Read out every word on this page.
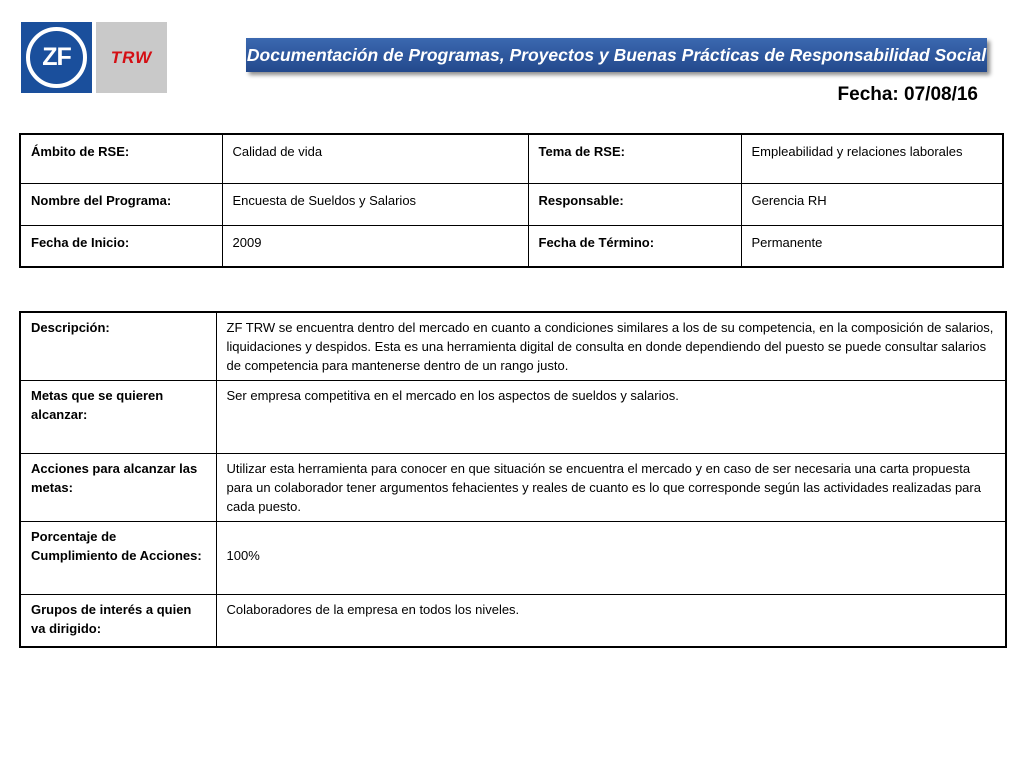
ZF	TRW	Documentación de Programas, Proyectos y Buenas Prácticas de Responsabilidad Social
Fecha: 07/08/16
Ámbito de RSE:	Calidad de vida	Tema de RSE:	Empleabilidad y relaciones laborales
Nombre del Programa:	Encuesta de Sueldos y Salarios	Responsable:	Gerencia RH
Fecha de Inicio:	2009	Fecha de Término:	Permanente
Descripción:	ZF TRW se encuentra dentro del mercado en cuanto a condiciones similares a los de su competencia, en la composición de salarios, liquidaciones y despidos. Esta es una herramienta digital de consulta en donde dependiendo del puesto se puede consultar salarios de competencia para mantenerse dentro de un rango justo.
Metas que se quieren alcanzar:	Ser empresa competitiva en el mercado en los aspectos de sueldos y salarios.
Acciones para alcanzar las metas:	Utilizar esta herramienta para conocer en que situación se encuentra el mercado y en caso de ser necesaria una carta propuesta para un colaborador tener argumentos fehacientes y reales de cuanto es lo que corresponde según las actividades realizadas para cada puesto.
Porcentaje de Cumplimiento de Acciones:	100%
Grupos de interés a quien va dirigido:	Colaboradores de la empresa en todos los niveles.
